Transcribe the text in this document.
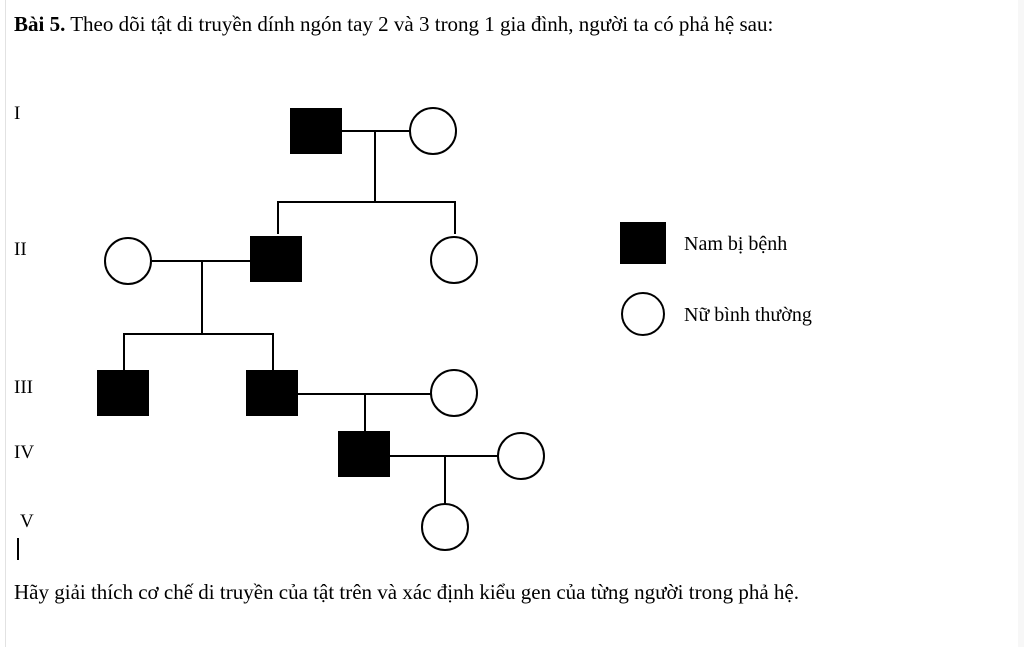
Bài 5. Theo dõi tật di truyền dính ngón tay 2 và 3 trong 1 gia đình, người ta có phả hệ sau:
I
II
III
IV
V
Nam bị bệnh
Nữ bình thường
Hãy giải thích cơ chế di truyền của tật trên và xác định kiểu gen của từng người trong phả hệ.
